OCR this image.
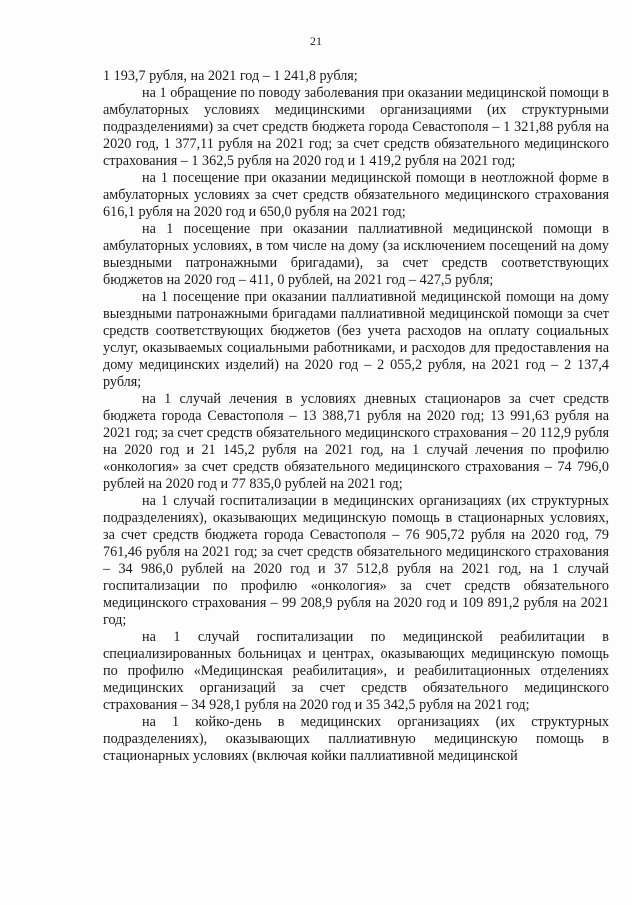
21

1 193,7 рубля, на 2021 год – 1 241,8 рубля;

на 1 обращение по поводу заболевания при оказании медицинской помощи в амбулаторных условиях медицинскими организациями (их структурными подразделениями) за счет средств бюджета города Севастополя – 1 321,88 рубля на 2020 год, 1 377,11 рубля на 2021 год; за счет средств обязательного медицинского страхования – 1 362,5 рубля на 2020 год и 1 419,2 рубля на 2021 год;

на 1 посещение при оказании медицинской помощи в неотложной форме в амбулаторных условиях за счет средств обязательного медицинского страхования 616,1 рубля на 2020 год и 650,0 рубля на 2021 год;

на 1 посещение при оказании паллиативной медицинской помощи в амбулаторных условиях, в том числе на дому (за исключением посещений на дому выездными патронажными бригадами), за счет средств соответствующих бюджетов на 2020 год – 411, 0 рублей, на 2021 год – 427,5 рубля;

на 1 посещение при оказании паллиативной медицинской помощи на дому выездными патронажными бригадами паллиативной медицинской помощи за счет средств соответствующих бюджетов (без учета расходов на оплату социальных услуг, оказываемых социальными работниками, и расходов для предоставления на дому медицинских изделий) на 2020 год – 2 055,2 рубля, на 2021 год – 2 137,4 рубля;

на 1 случай лечения в условиях дневных стационаров за счет средств бюджета города Севастополя – 13 388,71 рубля на 2020 год; 13 991,63 рубля на 2021 год; за счет средств обязательного медицинского страхования – 20 112,9 рубля на 2020 год и 21 145,2 рубля на 2021 год, на 1 случай лечения по профилю «онкология» за счет средств обязательного медицинского страхования – 74 796,0 рублей на 2020 год и 77 835,0 рублей на 2021 год;

на 1 случай госпитализации в медицинских организациях (их структурных подразделениях), оказывающих медицинскую помощь в стационарных условиях, за счет средств бюджета города Севастополя – 76 905,72 рубля на 2020 год, 79 761,46 рубля на 2021 год; за счет средств обязательного медицинского страхования – 34 986,0 рублей на 2020 год и 37 512,8 рубля на 2021 год, на 1 случай госпитализации по профилю «онкология» за счет средств обязательного медицинского страхования – 99 208,9 рубля на 2020 год и 109 891,2 рубля на 2021 год;

на 1 случай госпитализации по медицинской реабилитации в специализированных больницах и центрах, оказывающих медицинскую помощь по профилю «Медицинская реабилитация», и реабилитационных отделениях медицинских организаций за счет средств обязательного медицинского страхования – 34 928,1 рубля на 2020 год и 35 342,5 рубля на 2021 год;

на 1 койко-день в медицинских организациях (их структурных подразделениях), оказывающих паллиативную медицинскую помощь в стационарных условиях (включая койки паллиативной медицинской
